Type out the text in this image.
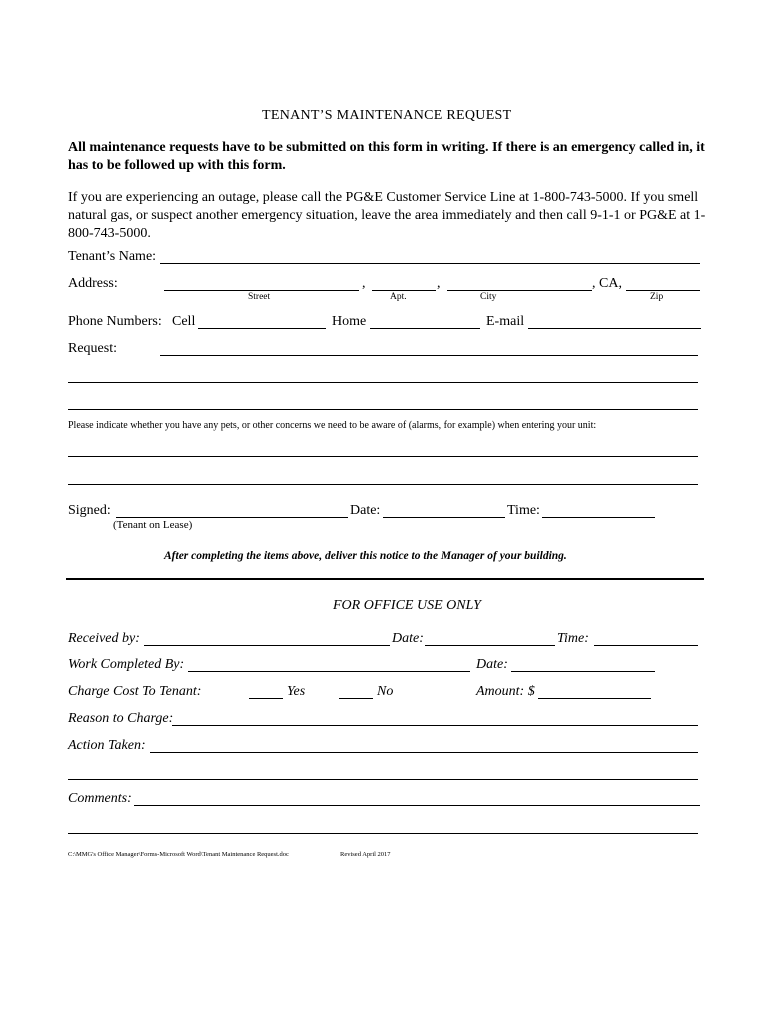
TENANT’S MAINTENANCE REQUEST
All maintenance requests have to be submitted on this form in writing. If there is an emergency called in, it has to be followed up with this form.
If you are experiencing an outage, please call the PG&E Customer Service Line at 1-800-743-5000. If you smell natural gas, or suspect another emergency situation, leave the area immediately and then call 9-1-1 or PG&E at 1-800-743-5000.
Tenant’s Name:
Address:	,	,	, CA,
Street	Apt.	City	Zip
Phone Numbers: Cell	Home	E-mail
Request:
Please indicate whether you have any pets, or other concerns we need to be aware of (alarms, for example) when entering your unit:
Signed:	Date:	Time:
(Tenant on Lease)
After completing the items above, deliver this notice to the Manager of your building.
FOR OFFICE USE ONLY
Received by:	Date:	Time:
Work Completed By:	Date:
Charge Cost To Tenant:	Yes	No	Amount: $
Reason to Charge:
Action Taken:
Comments:
C:\MMG's Office Manager\Forms-Microsoft Word\Tenant Maintenance Request.doc	Revised April 2017
